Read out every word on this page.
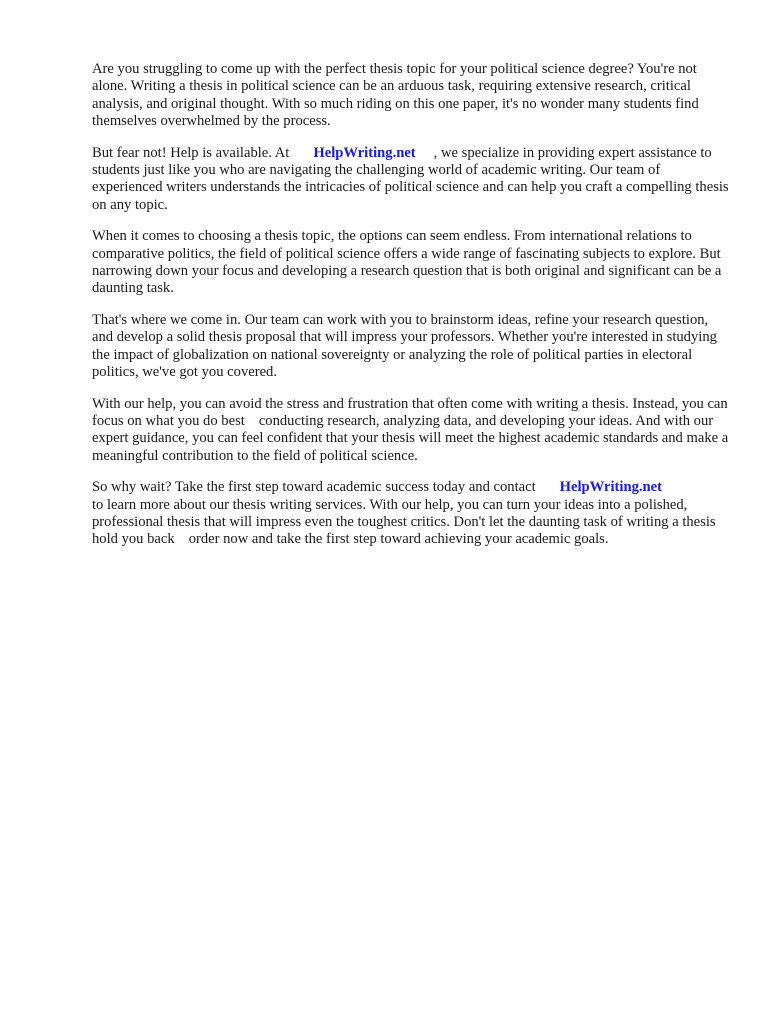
Are you struggling to come up with the perfect thesis topic for your political science degree? You're not alone. Writing a thesis in political science can be an arduous task, requiring extensive research, critical analysis, and original thought. With so much riding on this one paper, it's no wonder many students find themselves overwhelmed by the process.

But fear not! Help is available. At HelpWriting.net , we specialize in providing expert assistance to students just like you who are navigating the challenging world of academic writing. Our team of experienced writers understands the intricacies of political science and can help you craft a compelling thesis on any topic.

When it comes to choosing a thesis topic, the options can seem endless. From international relations to comparative politics, the field of political science offers a wide range of fascinating subjects to explore. But narrowing down your focus and developing a research question that is both original and significant can be a daunting task.

That's where we come in. Our team can work with you to brainstorm ideas, refine your research question, and develop a solid thesis proposal that will impress your professors. Whether you're interested in studying the impact of globalization on national sovereignty or analyzing the role of political parties in electoral politics, we've got you covered.

With our help, you can avoid the stress and frustration that often come with writing a thesis. Instead, you can focus on what you do best conducting research, analyzing data, and developing your ideas. And with our expert guidance, you can feel confident that your thesis will meet the highest academic standards and make a meaningful contribution to the field of political science.

So why wait? Take the first step toward academic success today and contact HelpWriting.net
to learn more about our thesis writing services. With our help, you can turn your ideas into a polished, professional thesis that will impress even the toughest critics. Don't let the daunting task of writing a thesis hold you back order now and take the first step toward achieving your academic goals.
